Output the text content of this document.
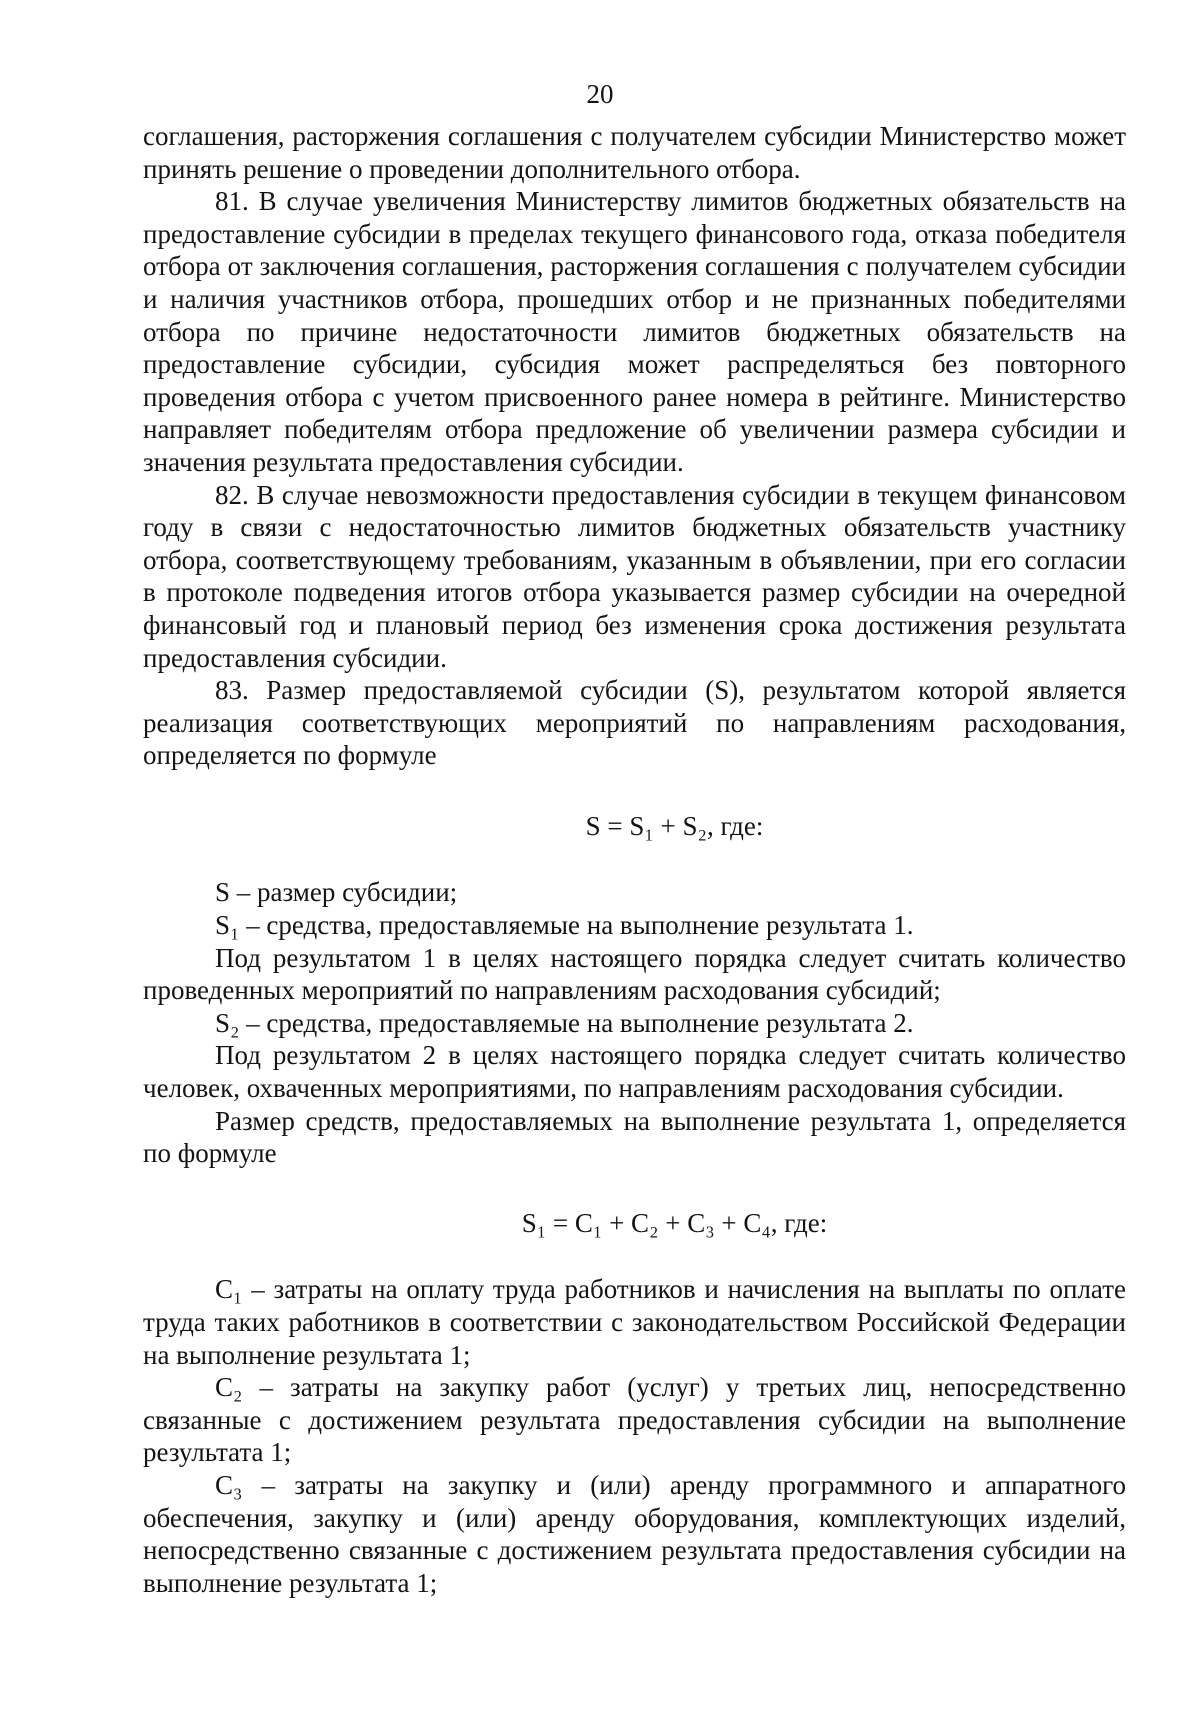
20

соглашения, расторжения соглашения с получателем субсидии Министерство может принять решение о проведении дополнительного отбора.

81. В случае увеличения Министерству лимитов бюджетных обязательств на предоставление субсидии в пределах текущего финансового года, отказа победителя отбора от заключения соглашения, расторжения соглашения с получателем субсидии и наличия участников отбора, прошедших отбор и не признанных победителями отбора по причине недостаточности лимитов бюджетных обязательств на предоставление субсидии, субсидия может распределяться без повторного проведения отбора с учетом присвоенного ранее номера в рейтинге. Министерство направляет победителям отбора предложение об увеличении размера субсидии и значения результата предоставления субсидии.

82. В случае невозможности предоставления субсидии в текущем финансовом году в связи с недостаточностью лимитов бюджетных обязательств участнику отбора, соответствующему требованиям, указанным в объявлении, при его согласии в протоколе подведения итогов отбора указывается размер субсидии на очередной финансовый год и плановый период без изменения срока достижения результата предоставления субсидии.

83. Размер предоставляемой субсидии (S), результатом которой является реализация соответствующих мероприятий по направлениям расходования, определяется по формуле

S = S₁ + S₂, где:

S – размер субсидии;

S₁ – средства, предоставляемые на выполнение результата 1.

Под результатом 1 в целях настоящего порядка следует считать количество проведенных мероприятий по направлениям расходования субсидий;

S₂ – средства, предоставляемые на выполнение результата 2.

Под результатом 2 в целях настоящего порядка следует считать количество человек, охваченных мероприятиями, по направлениям расходования субсидии.

Размер средств, предоставляемых на выполнение результата 1, определяется по формуле

S₁ = C₁ + C₂ + C₃ + C₄, где:

C₁ – затраты на оплату труда работников и начисления на выплаты по оплате труда таких работников в соответствии с законодательством Российской Федерации на выполнение результата 1;

C₂ – затраты на закупку работ (услуг) у третьих лиц, непосредственно связанные с достижением результата предоставления субсидии на выполнение результата 1;

C₃ – затраты на закупку и (или) аренду программного и аппаратного обеспечения, закупку и (или) аренду оборудования, комплектующих изделий, непосредственно связанные с достижением результата предоставления субсидии на выполнение результата 1;
